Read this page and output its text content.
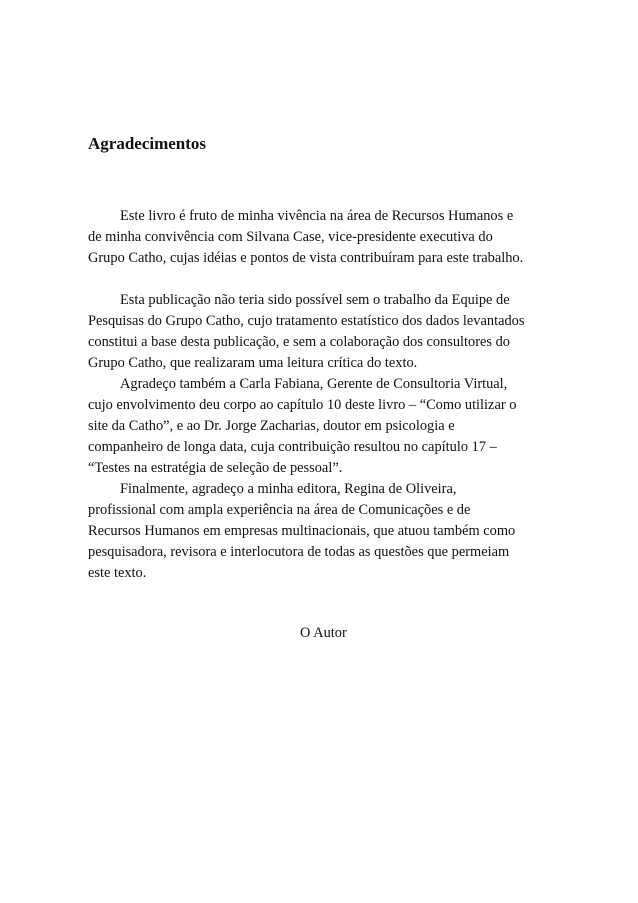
Agradecimentos

Este livro é fruto de minha vivência na área de Recursos Humanos e
de minha convivência com Silvana Case, vice-presidente executiva do
Grupo Catho, cujas idéias e pontos de vista contribuíram para este trabalho.

Esta publicação não teria sido possível sem o trabalho da Equipe de
Pesquisas do Grupo Catho, cujo tratamento estatístico dos dados levantados
constitui a base desta publicação, e sem a colaboração dos consultores do
Grupo Catho, que realizaram uma leitura crítica do texto.

Agradeço também a Carla Fabiana, Gerente de Consultoria Virtual,
cujo envolvimento deu corpo ao capítulo 10 deste livro – “Como utilizar o
site da Catho”, e ao Dr. Jorge Zacharias, doutor em psicologia e
companheiro de longa data, cuja contribuição resultou no capítulo 17 –
“Testes na estratégia de seleção de pessoal”.

Finalmente, agradeço a minha editora, Regina de Oliveira,
profissional com ampla experiência na área de Comunicações e de
Recursos Humanos em empresas multinacionais, que atuou também como
pesquisadora, revisora e interlocutora de todas as questões que permeiam
este texto.

O Autor
